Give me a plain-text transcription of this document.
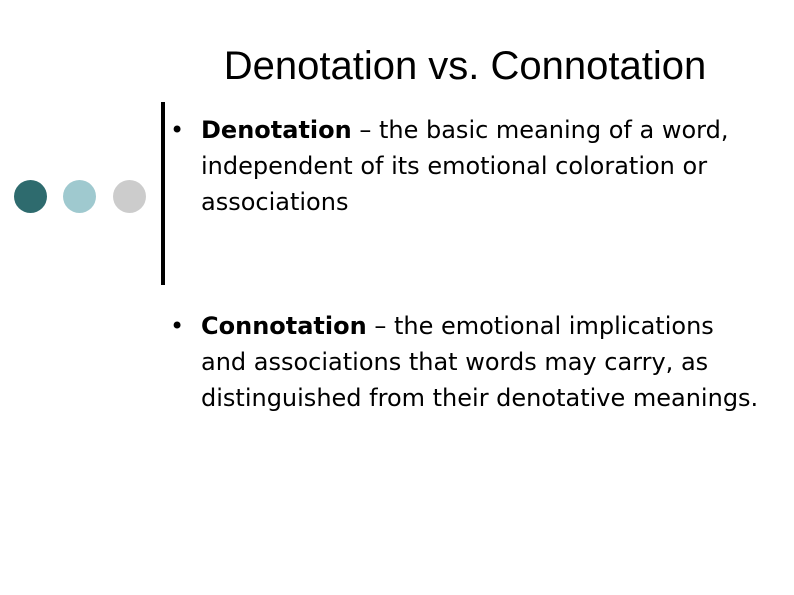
Denotation vs. Connotation
• Denotation – the basic meaning of a word, independent of its emotional coloration or associations
• Connotation – the emotional implications and associations that words may carry, as distinguished from their denotative meanings.
